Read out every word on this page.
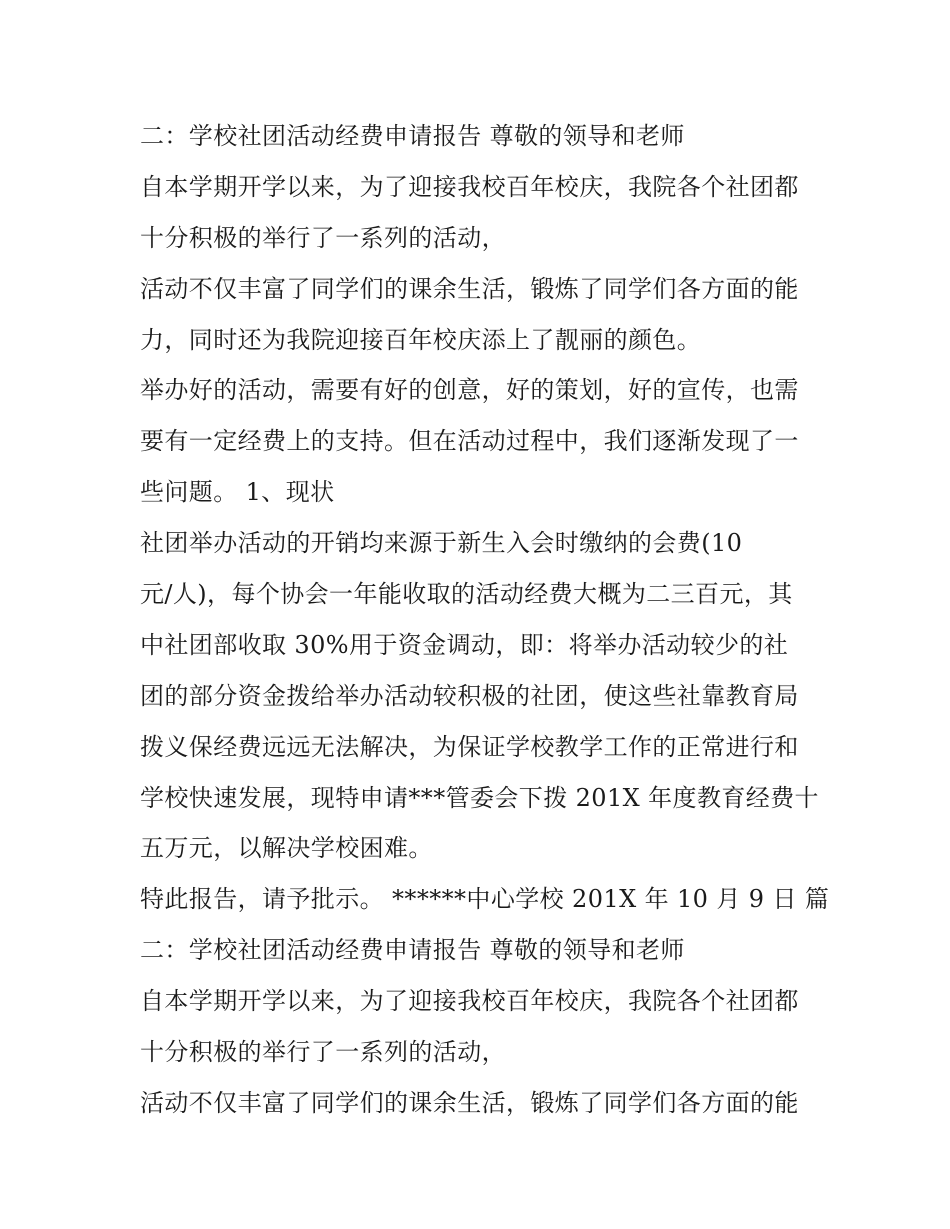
二：学校社团活动经费申请报告 尊敬的领导和老师
自本学期开学以来，为了迎接我校百年校庆，我院各个社团都
十分积极的举行了一系列的活动，
活动不仅丰富了同学们的课余生活，锻炼了同学们各方面的能
力，同时还为我院迎接百年校庆添上了靓丽的颜色。
举办好的活动，需要有好的创意，好的策划，好的宣传，也需
要有一定经费上的支持。但在活动过程中，我们逐渐发现了一
些问题。 1、现状
社团举办活动的开销均来源于新生入会时缴纳的会费(10
元/人)，每个协会一年能收取的活动经费大概为二三百元，其
中社团部收取 30%用于资金调动，即：将举办活动较少的社
团的部分资金拨给举办活动较积极的社团，使这些社靠教育局
拨义保经费远远无法解决，为保证学校教学工作的正常进行和
学校快速发展，现特申请***管委会下拨 201X 年度教育经费十
五万元，以解决学校困难。
特此报告，请予批示。 ******中心学校 201X 年 10 月 9 日 篇
二：学校社团活动经费申请报告 尊敬的领导和老师
自本学期开学以来，为了迎接我校百年校庆，我院各个社团都
十分积极的举行了一系列的活动，
活动不仅丰富了同学们的课余生活，锻炼了同学们各方面的能
